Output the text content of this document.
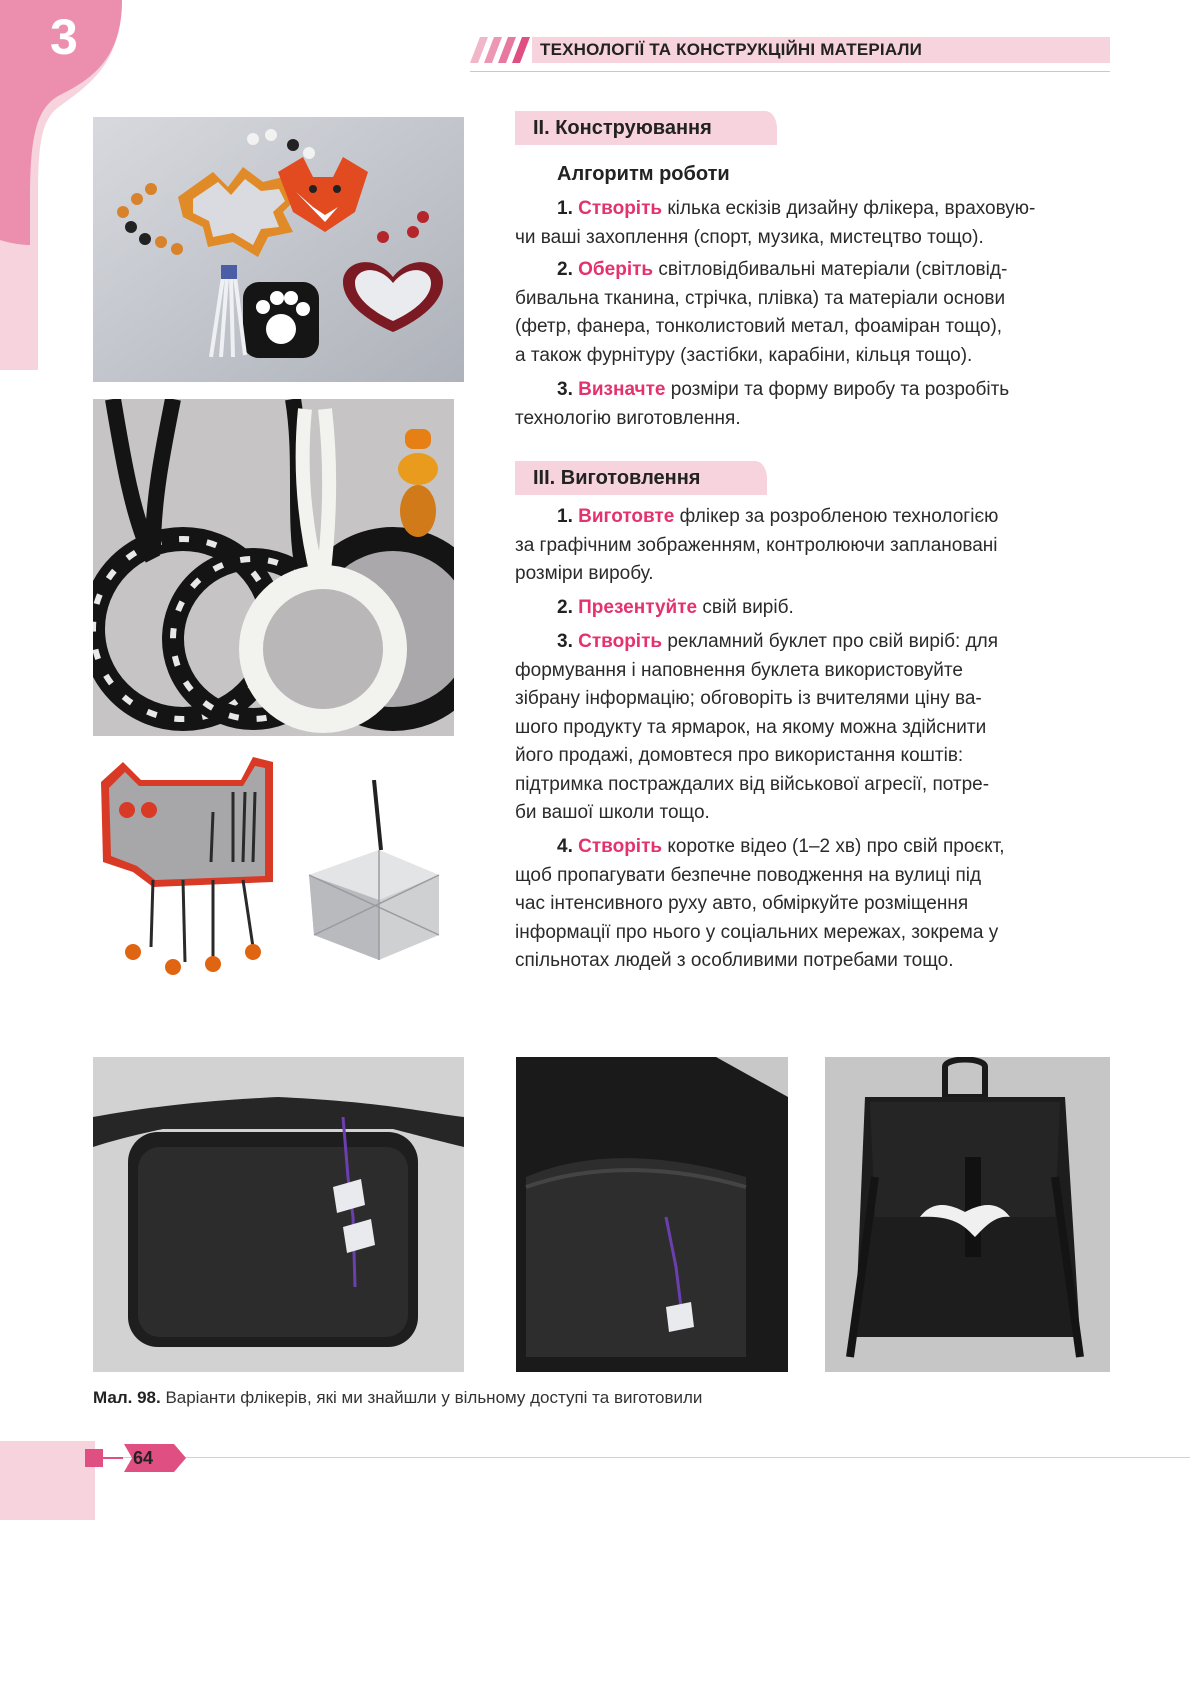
3	ТЕХНОЛОГІЇ ТА КОНСТРУКЦІЙНІ МАТЕРІАЛИ
II. Конструювання
Алгоритм роботи
1. Створіть кілька ескізів дизайну флікера, враховую-
чи ваші захоплення (спорт, музика, мистецтво тощо).
2. Оберіть світловідбивальні матеріали (світловід-
бивальна тканина, стрічка, плівка) та матеріали основи
(фетр, фанера, тонколистовий метал, фоаміран тощо),
а також фурнітуру (застібки, карабіни, кільця тощо).
3. Визначте розміри та форму виробу та розробіть
технологію виготовлення.
III. Виготовлення
1. Виготовте флікер за розробленою технологією
за графічним зображенням, контролюючи заплановані
розміри виробу.
2. Презентуйте свій виріб.
3. Створіть рекламний буклет про свій виріб: для
формування і наповнення буклета використовуйте
зібрану інформацію; обговоріть із вчителями ціну ва-
шого продукту та ярмарок, на якому можна здійснити
його продажі, домовтеся про використання коштів:
підтримка постраждалих від військової агресії, потре-
би вашої школи тощо.
4. Створіть коротке відео (1–2 хв) про свій проєкт,
щоб пропагувати безпечне поводження на вулиці під
час інтенсивного руху авто, обміркуйте розміщення
інформації про нього у соціальних мережах, зокрема у
спільнотах людей з особливими потребами тощо.
Мал. 98. Варіанти флікерів, які ми знайшли у вільному доступі та виготовили
64
